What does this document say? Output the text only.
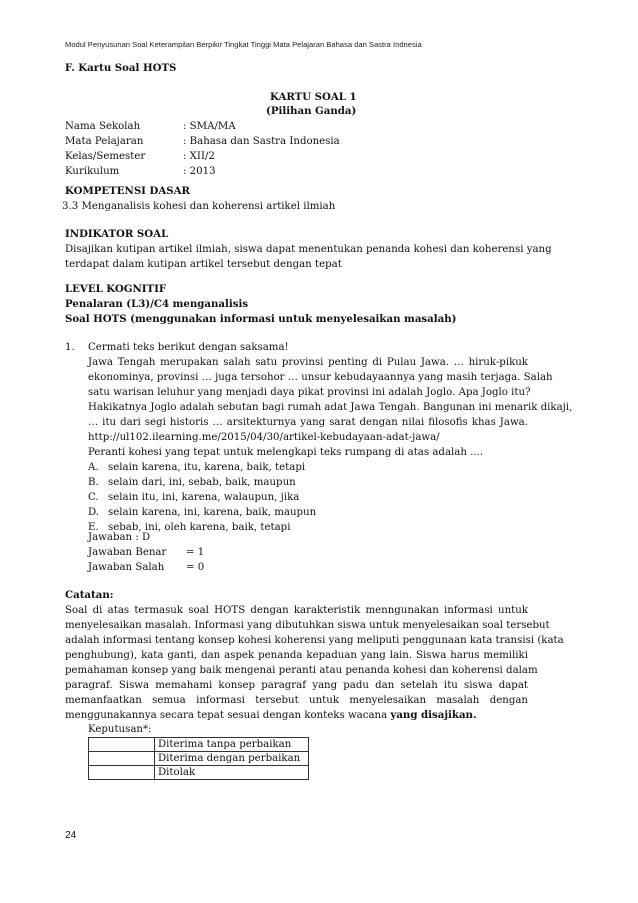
Modul Penyusunan Soal Keterampilan Berpikir Tingkat Tinggi Mata Pelajaran Bahasa dan Sastra Indnesia
F. Kartu Soal HOTS
KARTU SOAL 1
(Pilihan Ganda)
Nama Sekolah	: SMA/MA
Mata Pelajaran	: Bahasa dan Sastra Indonesia
Kelas/Semester	: XII/2
Kurikulum	: 2013
KOMPETENSI DASAR
3.3 Menganalisis kohesi dan koherensi artikel ilmiah
INDIKATOR SOAL
Disajikan kutipan artikel ilmiah, siswa dapat menentukan penanda kohesi dan koherensi yang
terdapat dalam kutipan artikel tersebut dengan tepat
LEVEL KOGNITIF
Penalaran (L3)/C4 menganalisis
Soal HOTS (menggunakan informasi untuk menyelesaikan masalah)
1. Cermati teks berikut dengan saksama!
Jawa Tengah merupakan salah satu provinsi penting di Pulau Jawa. … hiruk-pikuk
ekonominya, provinsi … juga tersohor … unsur kebudayaannya yang masih terjaga. Salah
satu warisan leluhur yang menjadi daya pikat provinsi ini adalah Joglo. Apa Joglo itu?
Hakikatnya Joglo adalah sebutan bagi rumah adat Jawa Tengah. Bangunan ini menarik dikaji,
… itu dari segi historis … arsitekturnya yang sarat dengan nilai filosofis khas Jawa.
http://ul102.ilearning.me/2015/04/30/artikel-kebudayaan-adat-jawa/
Peranti kohesi yang tepat untuk melengkapi teks rumpang di atas adalah ....
A. selain karena, itu, karena, baik, tetapi
B. selain dari, ini, sebab, baik, maupun
C. selain itu, ini, karena, walaupun, jika
D. selain karena, ini, karena, baik, maupun
E. sebab, ini, oleh karena, baik, tetapi
Jawaban : D
Jawaban Benar = 1
Jawaban Salah = 0
Catatan:
Soal di atas termasuk soal HOTS dengan karakteristik menngunakan informasi untuk
menyelesaikan masalah. Informasi yang dibutuhkan siswa untuk menyelesaikan soal tersebut
adalah informasi tentang konsep kohesi koherensi yang meliputi penggunaan kata transisi (kata
penghubung), kata ganti, dan aspek penanda kepaduan yang lain. Siswa harus memiliki
pemahaman konsep yang baik mengenai peranti atau penanda kohesi dan koherensi dalam
paragraf. Siswa memahami konsep paragraf yang padu dan setelah itu siswa dapat
memanfaatkan semua informasi tersebut untuk menyelesaikan masalah dengan
menggunakannya secara tepat sesuai dengan konteks wacana yang disajikan.
Keputusan*:
	Diterima tanpa perbaikan
	Diterima dengan perbaikan
	Ditolak
24
